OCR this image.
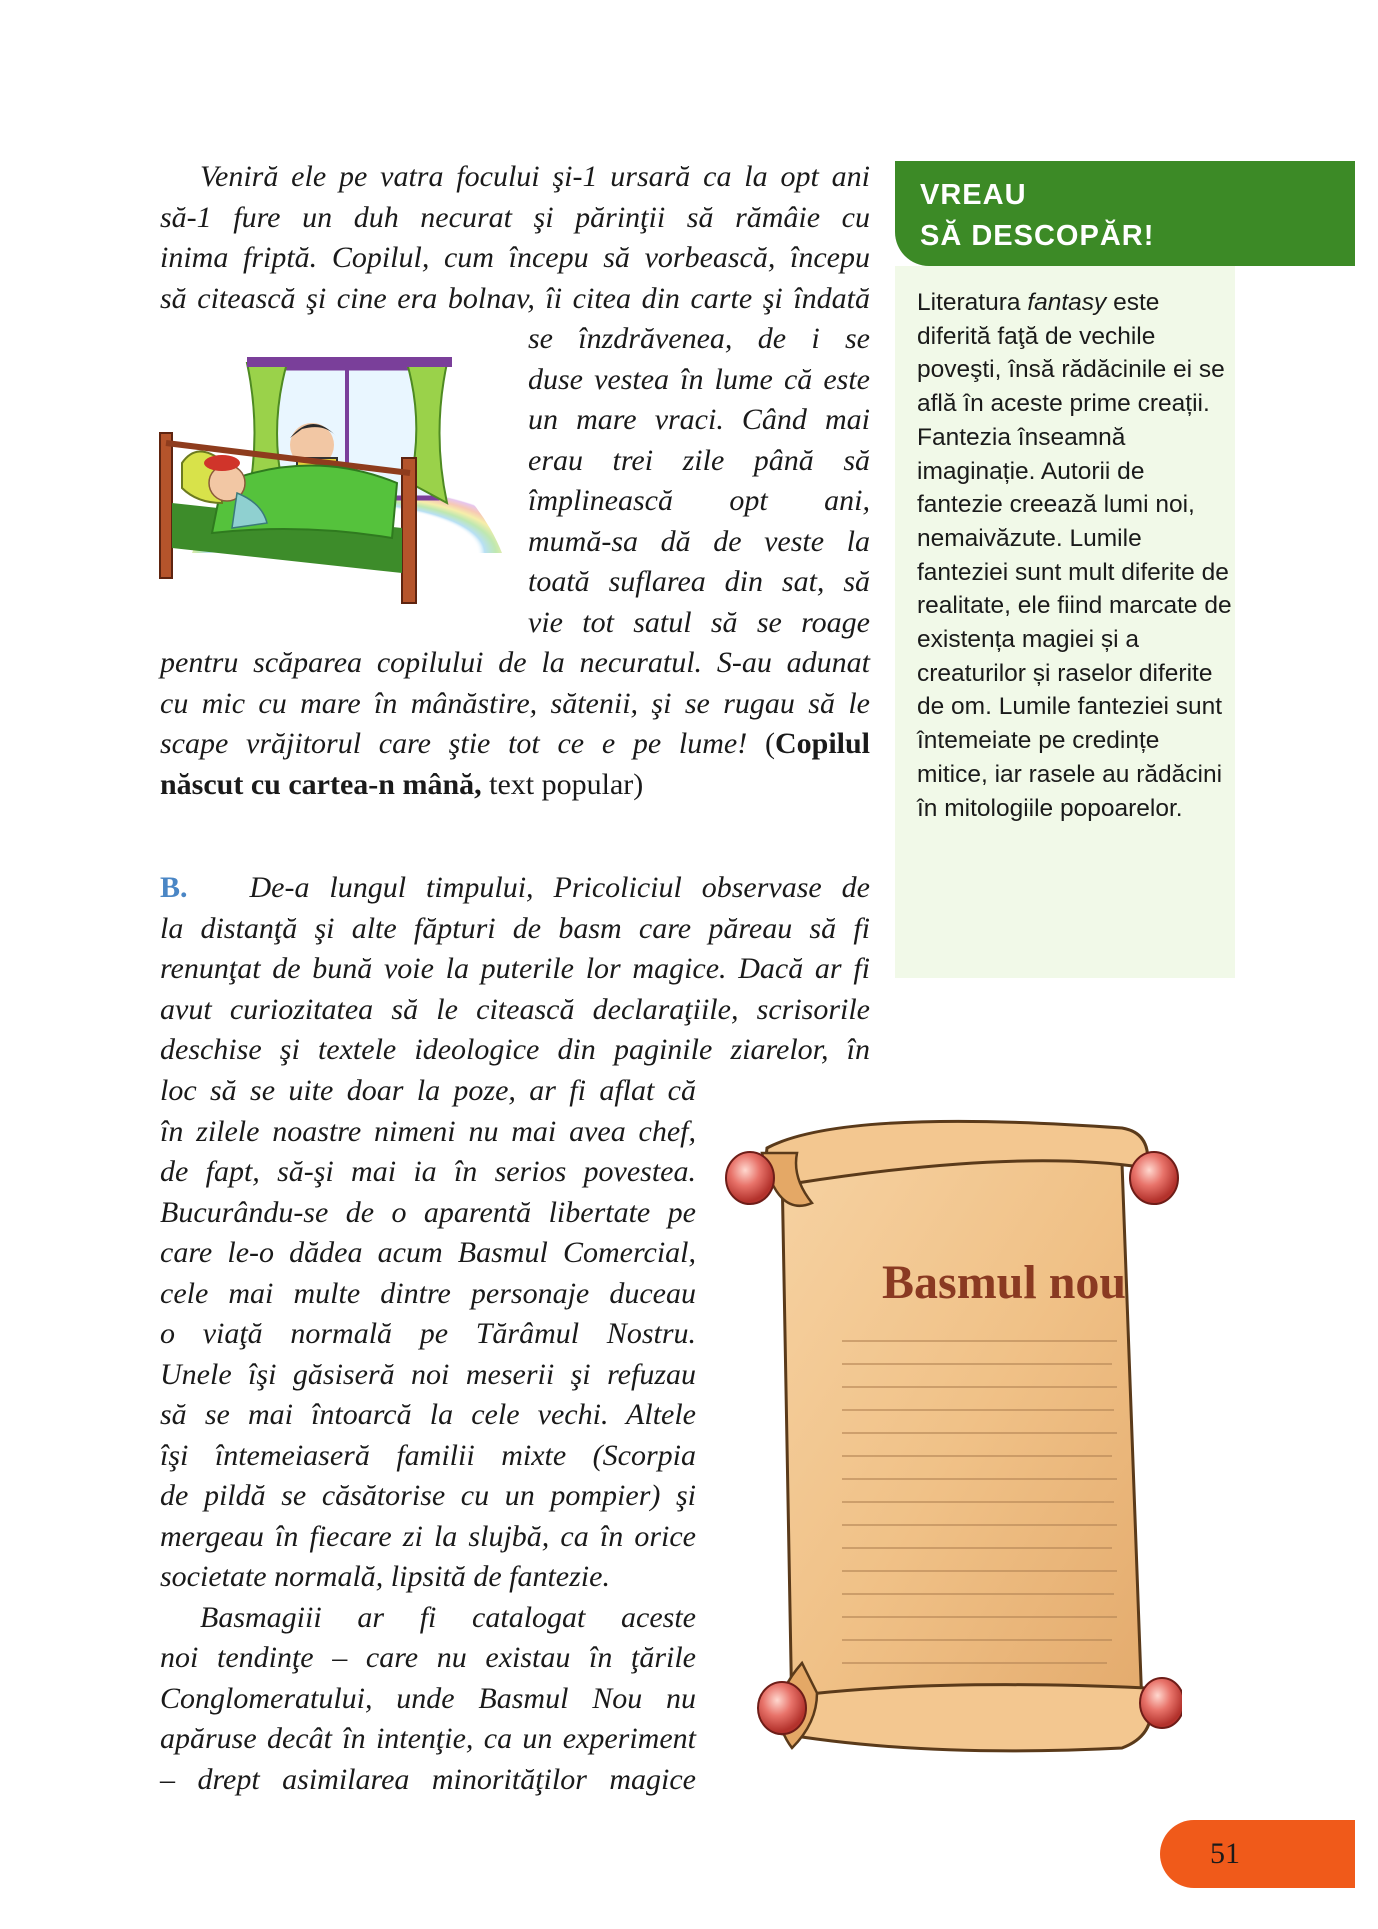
Veniră ele pe vatra focului şi-1 ursară ca la opt ani
să-1 fure un duh necurat şi părinţii să rămâie cu
inima friptă. Copilul, cum începu să vorbească, începu
să citească şi cine era bolnav, îi citea din carte şi îndată
se înzdrăvenea, de i se
duse vestea în lume că este
un mare vraci. Când mai
erau trei zile până să
împlinească opt ani,
mumă-sa dă de veste la
toată suflarea din sat, să
vie tot satul să se roage
pentru scăparea copilului de la necuratul. S-au adunat
cu mic cu mare în mânăstire, sătenii, şi se rugau să le
scape vrăjitorul care ştie tot ce e pe lume! (Copilul
născut cu cartea-n mână, text popular)
B. De-a lungul timpului, Pricoliciul observase de
la distanţă şi alte făpturi de basm care păreau să fi
renunţat de bună voie la puterile lor magice. Dacă ar fi
avut curiozitatea să le citească declaraţiile, scrisorile
deschise şi textele ideologice din paginile ziarelor, în
loc să se uite doar la poze, ar fi aflat că
în zilele noastre nimeni nu mai avea chef,
de fapt, să-şi mai ia în serios povestea.
Bucurându-se de o aparentă libertate pe
care le-o dădea acum Basmul Comercial,
cele mai multe dintre personaje duceau
o viaţă normală pe Tărâmul Nostru.
Unele îşi găsiseră noi meserii şi refuzau
să se mai întoarcă la cele vechi. Altele
îşi întemeiaseră familii mixte (Scorpia
de pildă se căsătorise cu un pompier) şi
mergeau în fiecare zi la slujbă, ca în orice
societate normală, lipsită de fantezie.
Basmagiii ar fi catalogat aceste
noi tendinţe – care nu existau în ţările
Conglomeratului, unde Basmul Nou nu
apăruse decât în intenţie, ca un experiment
– drept asimilarea minorităţilor magice
Basmul nou
VREAU
SĂ DESCOPĂR!
Literatura fantasy este diferită faţă de vechile poveşti, însă rădăcinile ei se află în aceste prime creații. Fantezia înseamnă imaginație. Autorii de fantezie creează lumi noi, nemaivăzute. Lumile fanteziei sunt mult diferite de realitate, ele fiind marcate de existența magiei și a creaturilor și raselor diferite de om. Lumile fanteziei sunt întemeiate pe credințe mitice, iar rasele au rădăcini în mitologiile popoarelor.
51
